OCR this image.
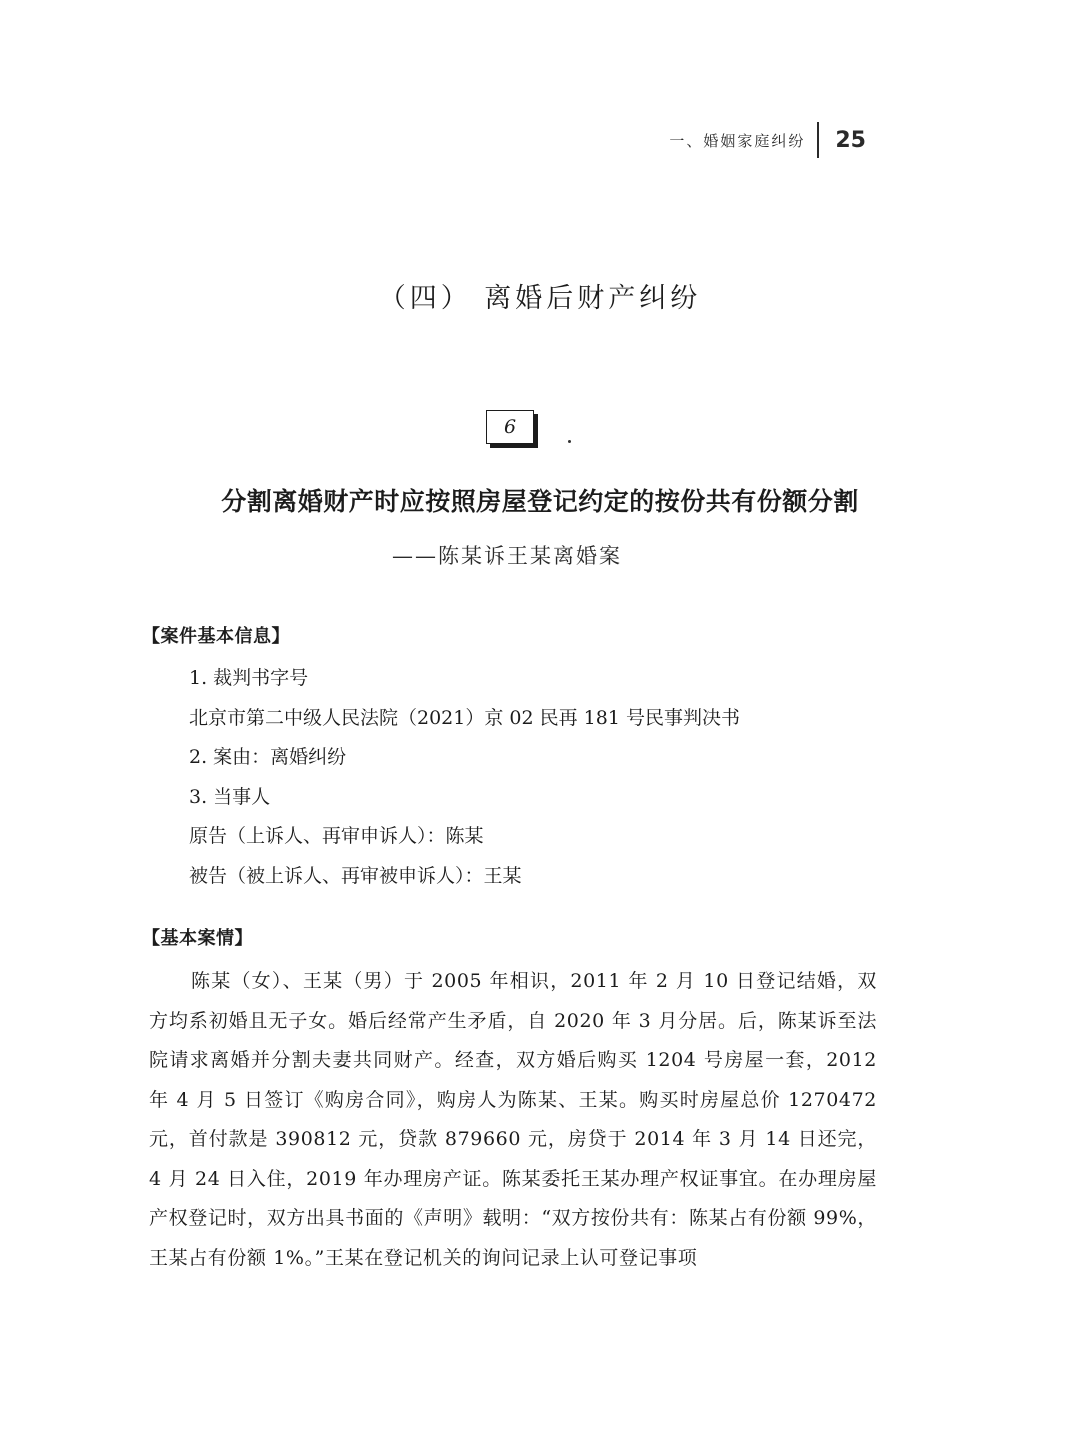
一、婚姻家庭纠纷	25
（四） 离婚后财产纠纷
6
分割离婚财产时应按照房屋登记约定的按份共有份额分割
——陈某诉王某离婚案
【案件基本信息】
1. 裁判书字号
北京市第二中级人民法院（2021）京 02 民再 181 号民事判决书
2. 案由：离婚纠纷
3. 当事人
原告（上诉人、再审申诉人）：陈某
被告（被上诉人、再审被申诉人）：王某
【基本案情】

陈某（女）、王某（男）于 2005 年相识，2011 年 2 月 10 日登记结婚，双方均系初婚且无子女。婚后经常产生矛盾，自 2020 年 3 月分居。后，陈某诉至法院请求离婚并分割夫妻共同财产。经查，双方婚后购买 1204 号房屋一套，2012 年 4 月 5 日签订《购房合同》，购房人为陈某、王某。购买时房屋总价 1270472 元，首付款是 390812 元，贷款 879660 元，房贷于 2014 年 3 月 14 日还完，4 月 24 日入住，2019 年办理房产证。陈某委托王某办理产权证事宜。在办理房屋产权登记时，双方出具书面的《声明》载明：“双方按份共有：陈某占有份额 99%，王某占有份额 1%。”王某在登记机关的询问记录上认可登记事项
